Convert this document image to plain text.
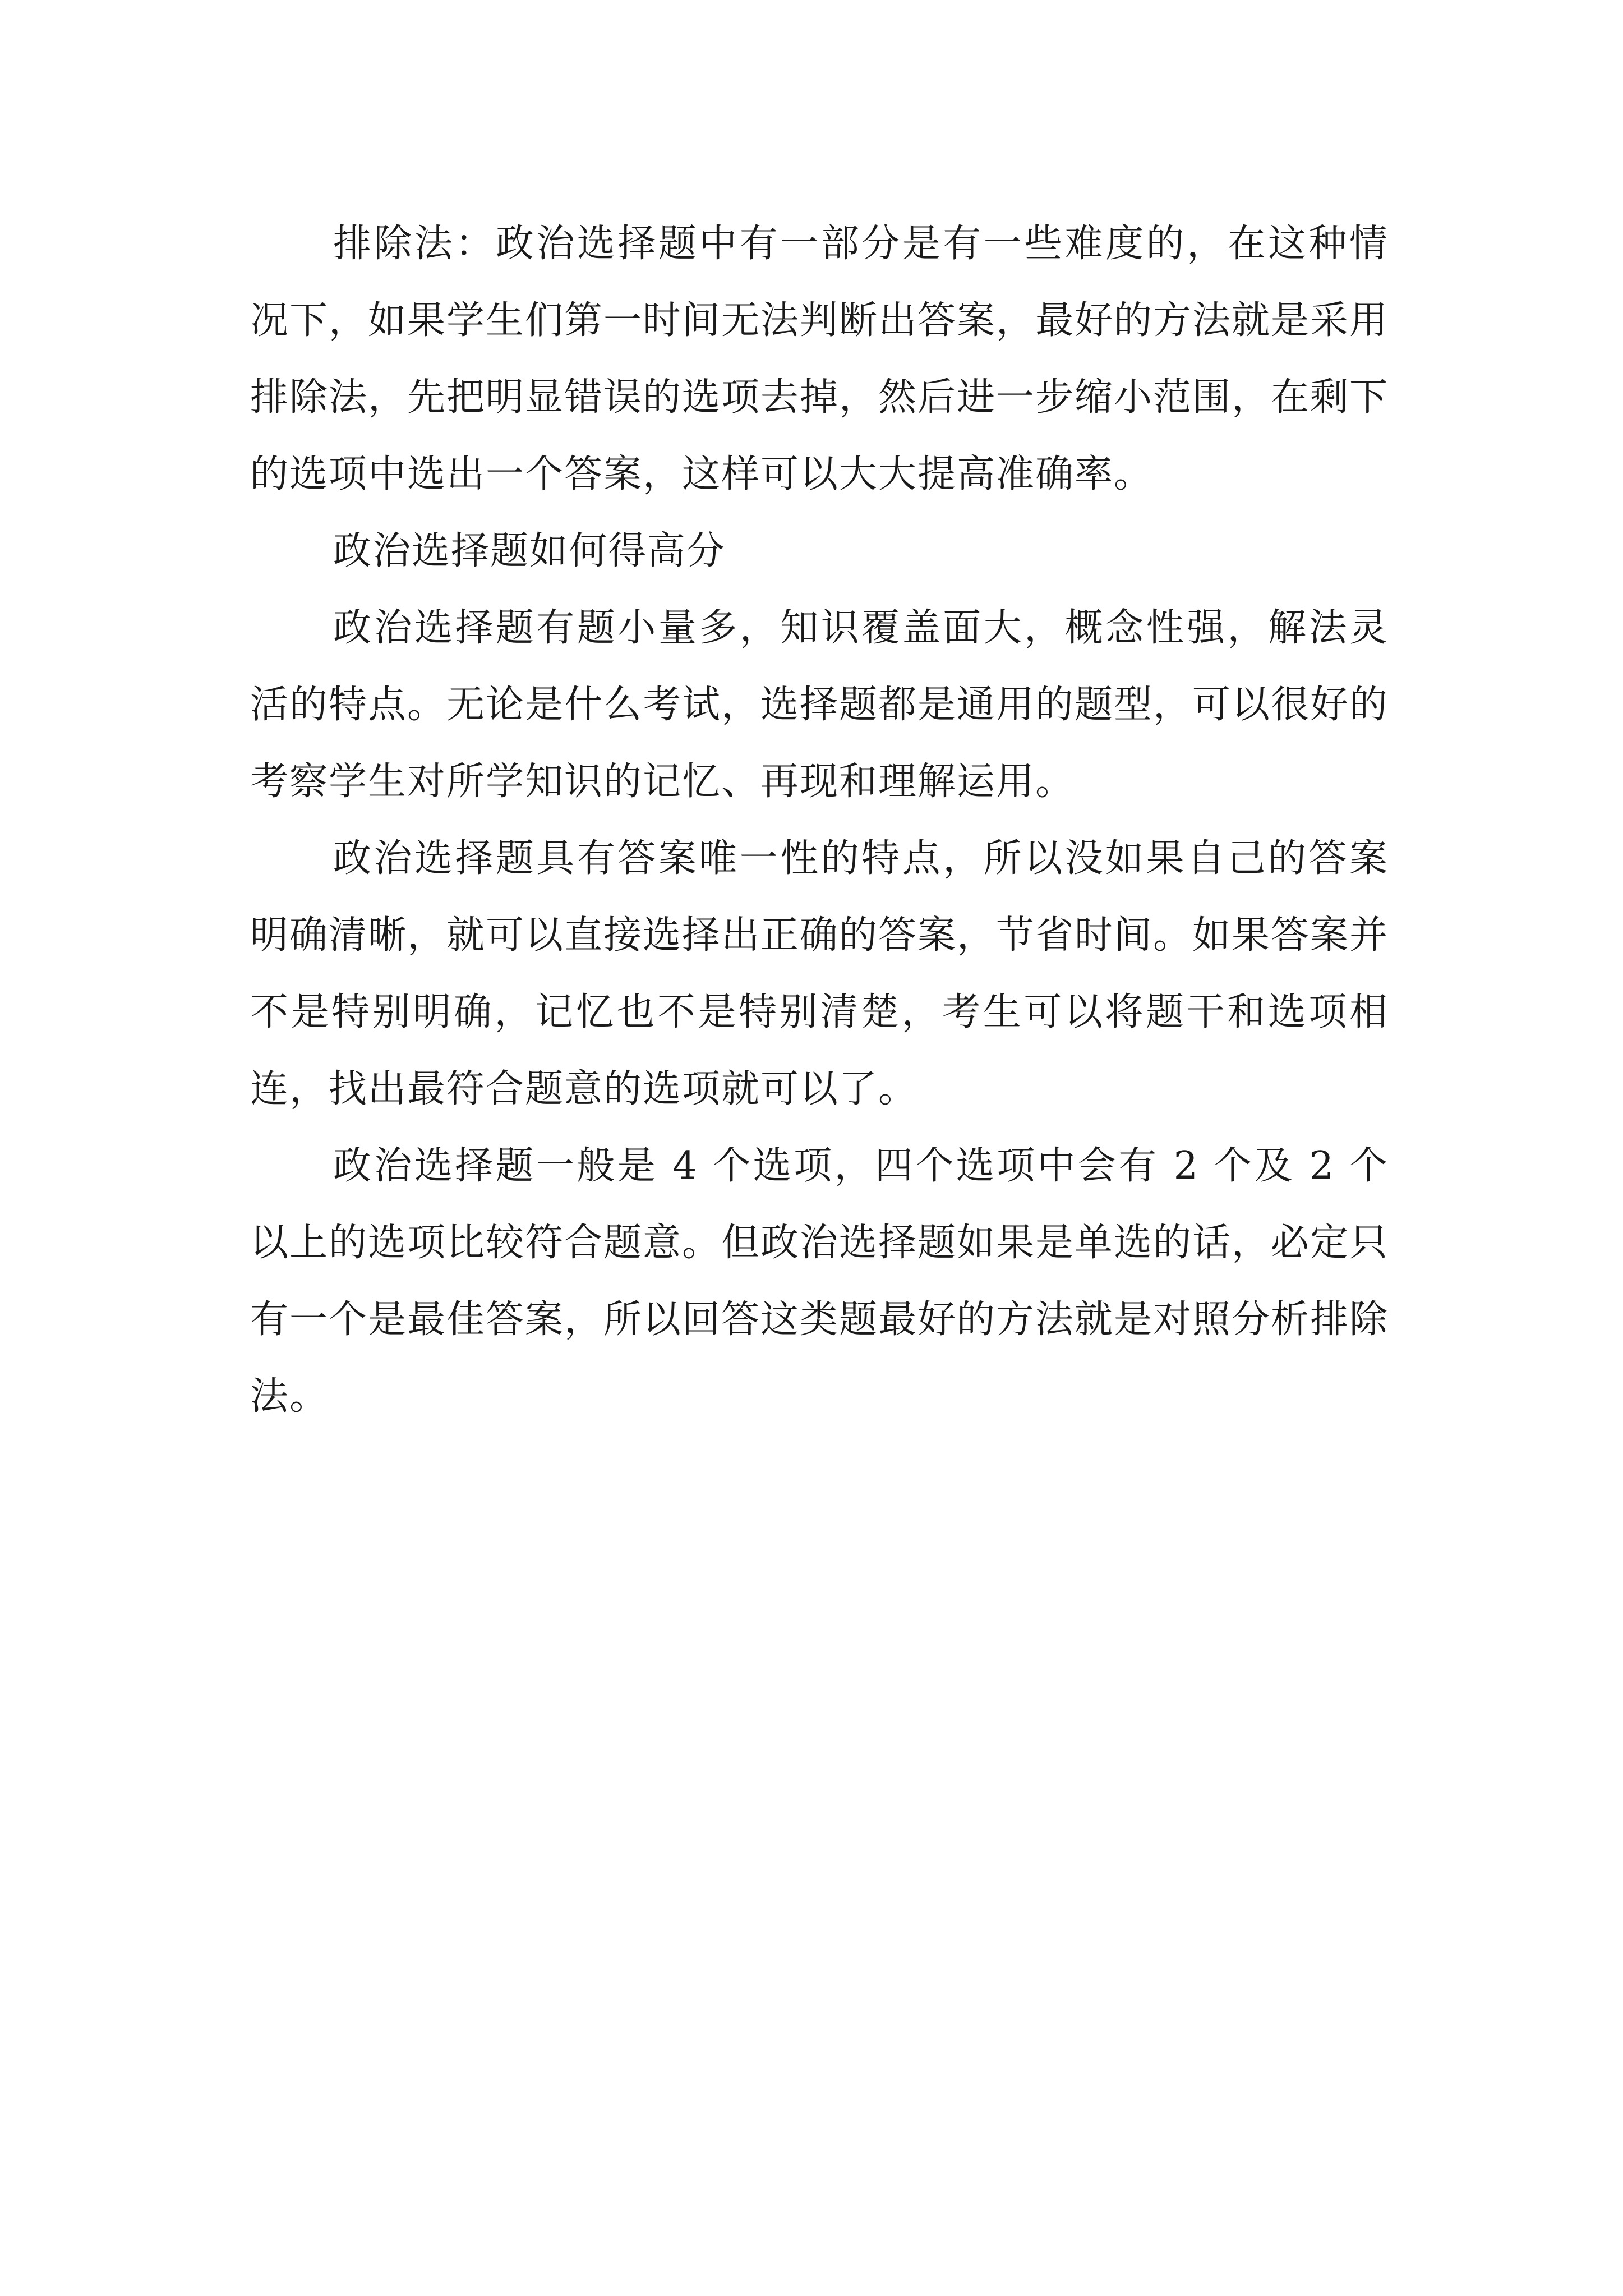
排除法：政治选择题中有一部分是有一些难度的，在这种情况下，如果学生们第一时间无法判断出答案，最好的方法就是采用排除法，先把明显错误的选项去掉，然后进一步缩小范围，在剩下的选项中选出一个答案，这样可以大大提高准确率。

政治选择题如何得高分

政治选择题有题小量多，知识覆盖面大，概念性强，解法灵活的特点。无论是什么考试，选择题都是通用的题型，可以很好的考察学生对所学知识的记忆、再现和理解运用。

政治选择题具有答案唯一性的特点，所以没如果自己的答案明确清晰，就可以直接选择出正确的答案，节省时间。如果答案并不是特别明确，记忆也不是特别清楚，考生可以将题干和选项相连，找出最符合题意的选项就可以了。

政治选择题一般是 4 个选项，四个选项中会有 2 个及 2 个以上的选项比较符合题意。但政治选择题如果是单选的话，必定只有一个是最佳答案，所以回答这类题最好的方法就是对照分析排除法。
